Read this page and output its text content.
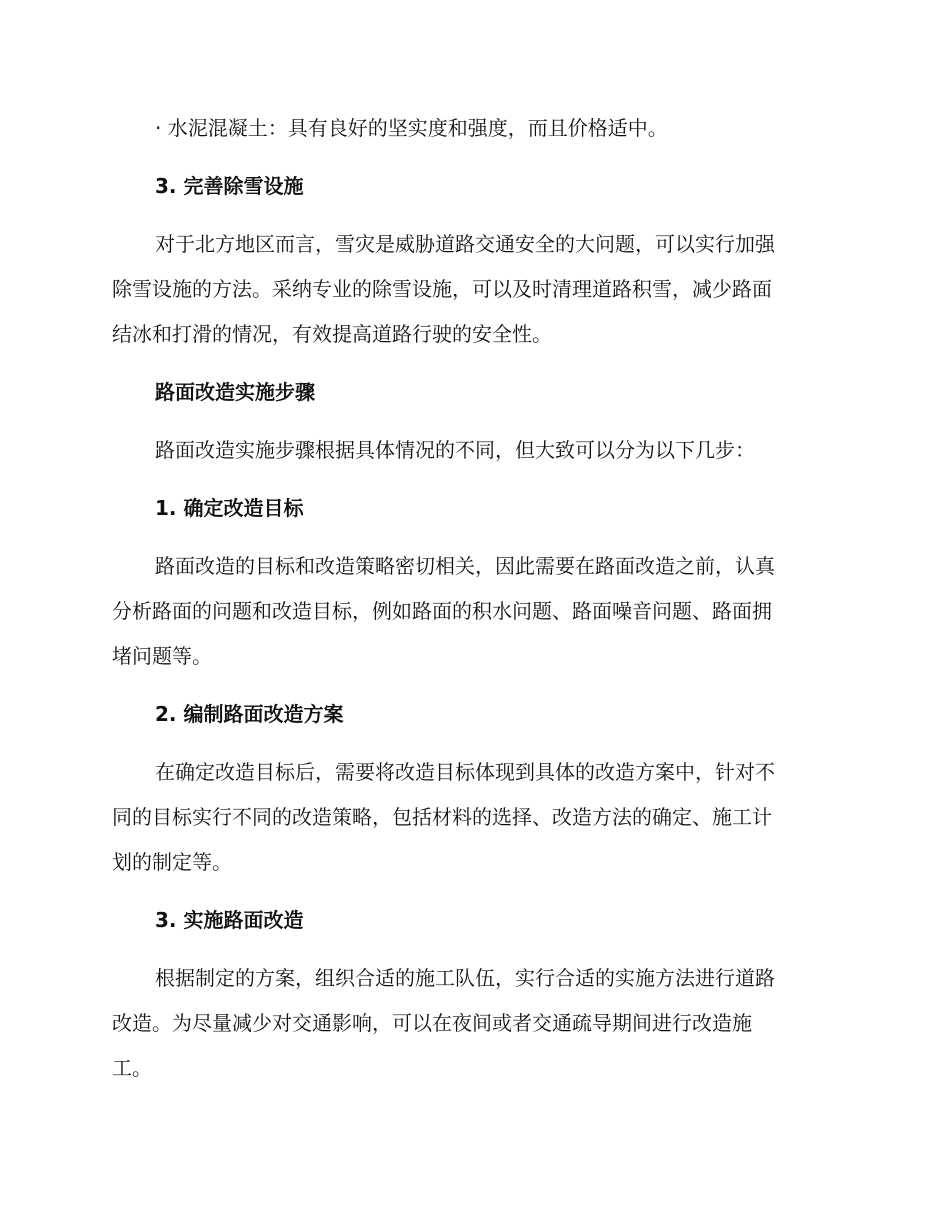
· 水泥混凝土：具有良好的坚实度和强度，而且价格适中。
3. 完善除雪设施
对于北方地区而言，雪灾是威胁道路交通安全的大问题，可以实行加强
除雪设施的方法。采纳专业的除雪设施，可以及时清理道路积雪，减少路面
结冰和打滑的情况，有效提高道路行驶的安全性。
路面改造实施步骤
路面改造实施步骤根据具体情况的不同，但大致可以分为以下几步：
1. 确定改造目标
路面改造的目标和改造策略密切相关，因此需要在路面改造之前，认真
分析路面的问题和改造目标，例如路面的积水问题、路面噪音问题、路面拥
堵问题等。
2. 编制路面改造方案
在确定改造目标后，需要将改造目标体现到具体的改造方案中，针对不
同的目标实行不同的改造策略，包括材料的选择、改造方法的确定、施工计
划的制定等。
3. 实施路面改造
根据制定的方案，组织合适的施工队伍，实行合适的实施方法进行道路
改造。为尽量减少对交通影响，可以在夜间或者交通疏导期间进行改造施
工。
